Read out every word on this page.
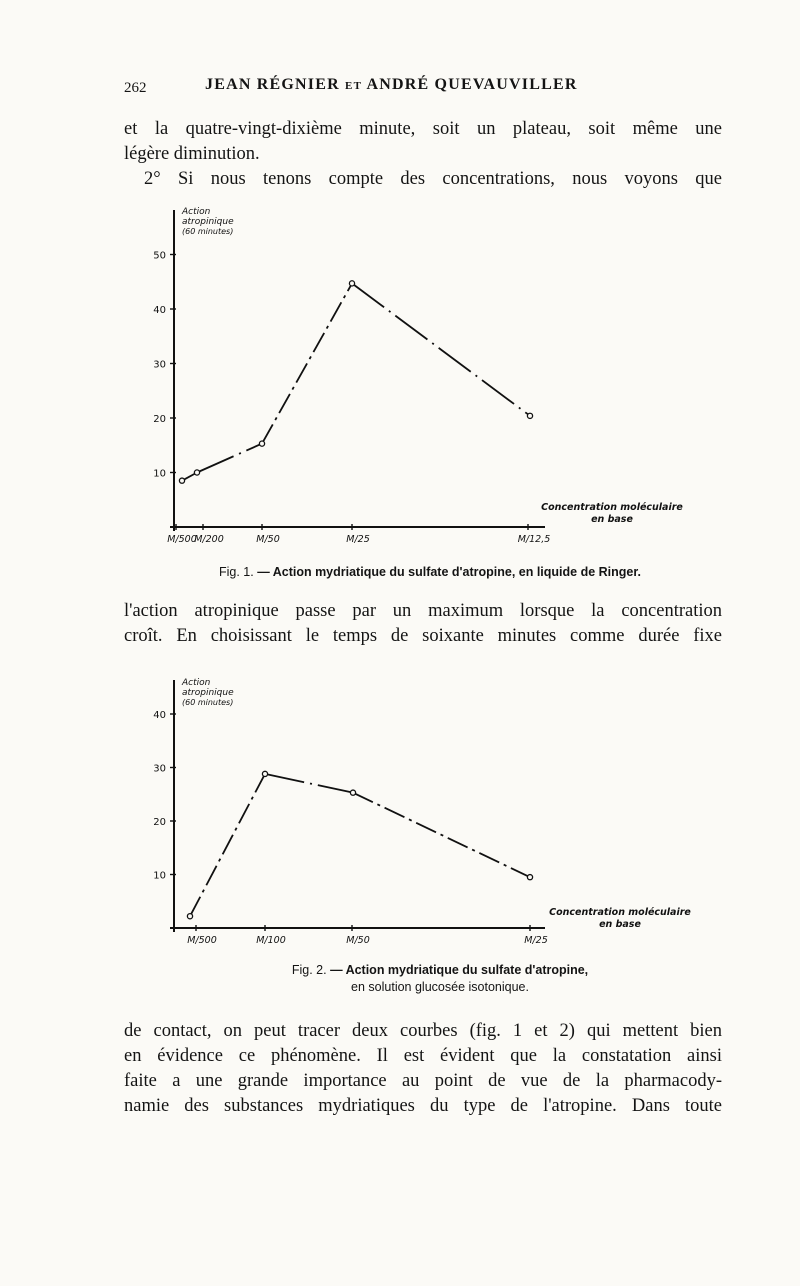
262	JEAN RÉGNIER et ANDRÉ QUEVAUVILLER
et la quatre-vingt-dixième minute, soit un plateau, soit même une
légère diminution.
2° Si nous tenons compte des concentrations, nous voyons que
10
20
30
40
50
M/500
M/200	M/50	M/25	M/12,5
Action
atropinique
(60 minutes)
Concentration moléculaire
en base
Fig. 1. — Action mydriatique du sulfate d'atropine, en liquide de Ringer.
l'action atropinique passe par un maximum lorsque la concentration
croît. En choisissant le temps de soixante minutes comme durée fixe
10
20
30
40
M/500	M/100	M/50	M/25
Action
atropinique
(60 minutes)
Concentration moléculaire
en base
Fig. 2. — Action mydriatique du sulfate d'atropine,
en solution glucosée isotonique.
de contact, on peut tracer deux courbes (fig. 1 et 2) qui mettent bien
en évidence ce phénomène. Il est évident que la constatation ainsi
faite a une grande importance au point de vue de la pharmacody-
namie des substances mydriatiques du type de l'atropine. Dans toute
